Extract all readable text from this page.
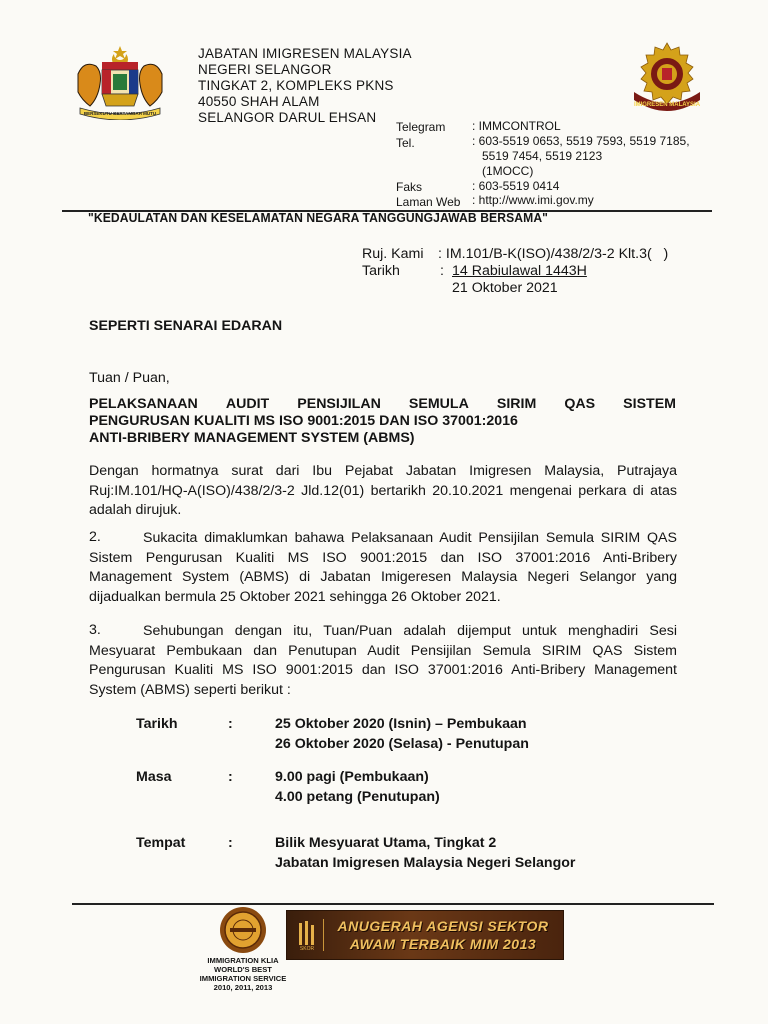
BERSEKUTU BERTAMBAH MUTU
JABATAN IMIGRESEN MALAYSIA
NEGERI SELANGOR
TINGKAT 2, KOMPLEKS PKNS
40550 SHAH ALAM
SELANGOR DARUL EHSAN
IMIGRESEN MALAYSIA
Telegram : IMMCONTROL
Tel.	: 603-5519 0653, 5519 7593, 5519 7185,
5519 7454, 5519 2123
(1MOCC)
Faks	: 603-5519 0414
Laman Web : http://www.imi.gov.my
"KEDAULATAN DAN KESELAMATAN NEGARA TANGGUNGJAWAB BERSAMA"
Ruj. Kami : IM.101/B-K(ISO)/438/2/3-2 Klt.3(   )
Tarikh	: 14 Rabiulawal 1443H
21 Oktober 2021
SEPERTI SENARAI EDARAN
Tuan / Puan,
PELAKSANAAN AUDIT PENSIJILAN SEMULA SIRIM QAS SISTEM
PENGURUSAN KUALITI MS ISO 9001:2015 DAN ISO 37001:2016
ANTI-BRIBERY MANAGEMENT SYSTEM (ABMS)
Dengan hormatnya surat dari Ibu Pejabat Jabatan Imigresen Malaysia, Putrajaya Ruj:IM.101/HQ-A(ISO)/438/2/3-2 Jld.12(01) bertarikh 20.10.2021 mengenai perkara di atas adalah dirujuk.
2.	Sukacita dimaklumkan bahawa Pelaksanaan Audit Pensijilan Semula SIRIM QAS Sistem Pengurusan Kualiti MS ISO 9001:2015 dan ISO 37001:2016 Anti-Bribery Management System (ABMS) di Jabatan Imigeresen Malaysia Negeri Selangor yang dijadualkan bermula 25 Oktober 2021 sehingga 26 Oktober 2021.
3.	Sehubungan dengan itu, Tuan/Puan adalah dijemput untuk menghadiri Sesi Mesyuarat Pembukaan dan Penutupan Audit Pensijilan Semula SIRIM QAS Sistem Pengurusan Kualiti MS ISO 9001:2015 dan ISO 37001:2016 Anti-Bribery Management System (ABMS) seperti berikut :
Tarikh	:	25 Oktober 2020 (Isnin) – Pembukaan
26 Oktober 2020 (Selasa) - Penutupan
Masa	:	9.00 pagi (Pembukaan)
4.00 petang (Penutupan)
Tempat	:	Bilik Mesyuarat Utama, Tingkat 2
Jabatan Imigresen Malaysia Negeri Selangor
IMMIGRATION KLIA
WORLD'S BEST
IMMIGRATION SERVICE
2010, 2011, 2013
SKOR
ANUGERAH AGENSI SEKTOR
AWAM TERBAIK MIM 2013
